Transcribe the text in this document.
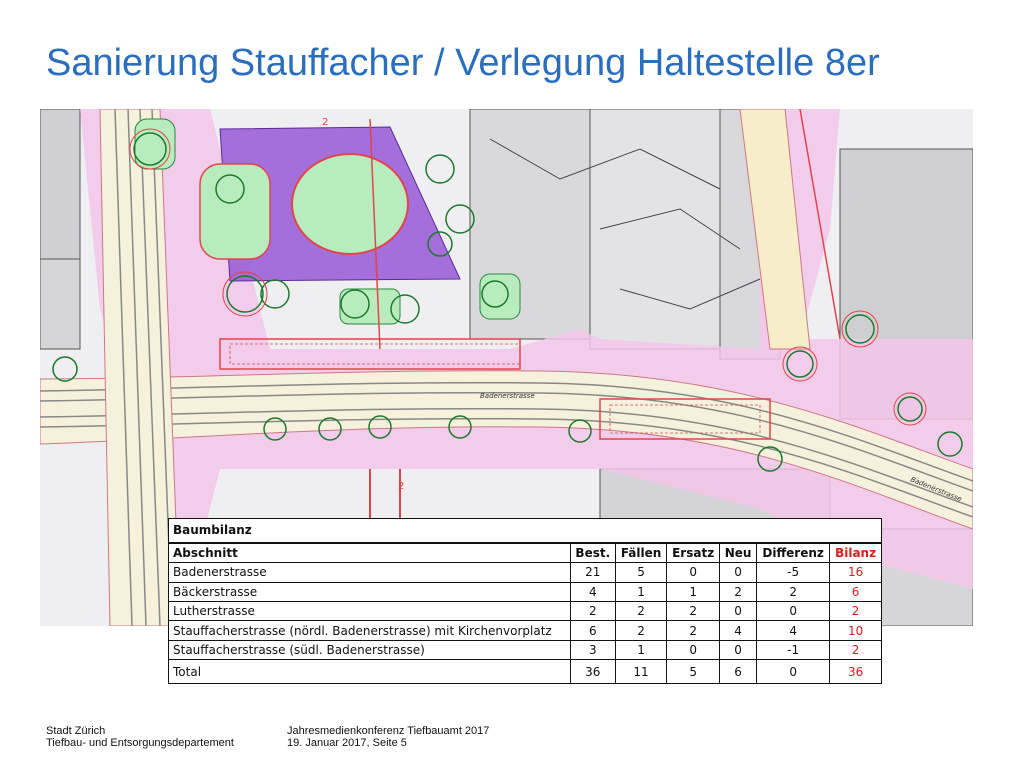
Sanierung Stauffacher / Verlegung Haltestelle 8er
Badenerstrasse
Badenerstrasse
2
2
Baumbilanz						
Abschnitt	Best.	Fällen	Ersatz	Neu	Differenz	Bilanz
Badenerstrasse	21	5	0	0	-5	16
Bäckerstrasse	4	1	1	2	2	6
Lutherstrasse	2	2	2	0	0	2
Stauffacherstrasse (nördl. Badenerstrasse) mit Kirchenvorplatz	6	2	2	4	4	10
Stauffacherstrasse (südl. Badenerstrasse)	3	1	0	0	-1	2
Total	36	11	5	6	0	36
Stadt Zürich
Tiefbau- und Entsorgungsdepartement
Jahresmedienkonferenz Tiefbauamt 2017
19. Januar 2017, Seite 5
